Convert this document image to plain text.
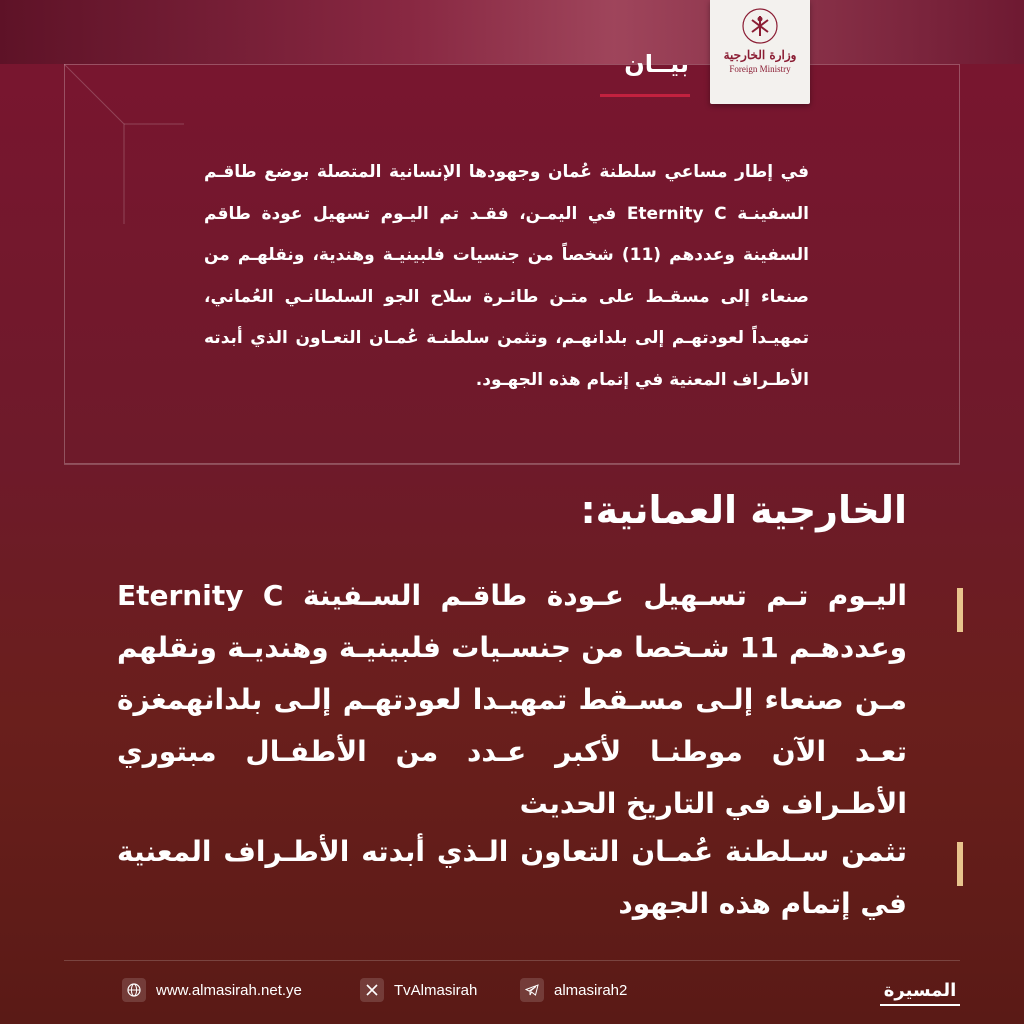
وزارة الخارجية
Foreign Ministry
بيــان
في إطار مساعي سلطنة عُمان وجهودها الإنسانية المتصلة بوضع طاقـم السفينـة Eternity C في اليمـن، فقـد تم اليـوم تسهيل عودة طاقم السفينة وعددهم (11) شخصاً من جنسيات فلبينيـة وهندية، ونقلهـم من صنعاء إلى مسقـط على متـن طائـرة سلاح الجو السلطانـي العُماني، تمهيـداً لعودتهـم إلى بلدانهـم، وتثمن سلطنـة عُمـان التعـاون الذي أبدته الأطـراف المعنية في إتمام هذه الجهـود.
الخارجية العمانية:
اليـوم تـم تسـهيل عـودة طاقـم السـفينة Eternity C وعددهـم 11 شـخصا من جنسـيات فلبينيـة وهنديـة ونقلهم مـن صنعاء إلـى مسـقط تمهيـدا لعودتهـم إلـى بلدانهمغزة تعـد الآن موطنـا لأكبر عـدد من الأطفـال مبتوري الأطـراف في التاريخ الحديث
تثمن سـلطنة عُمـان التعاون الـذي أبدته الأطـراف المعنية في إتمام هذه الجهود
www.almasirah.net.ye	TvAlmasirah	almasirah2	المسيرة
